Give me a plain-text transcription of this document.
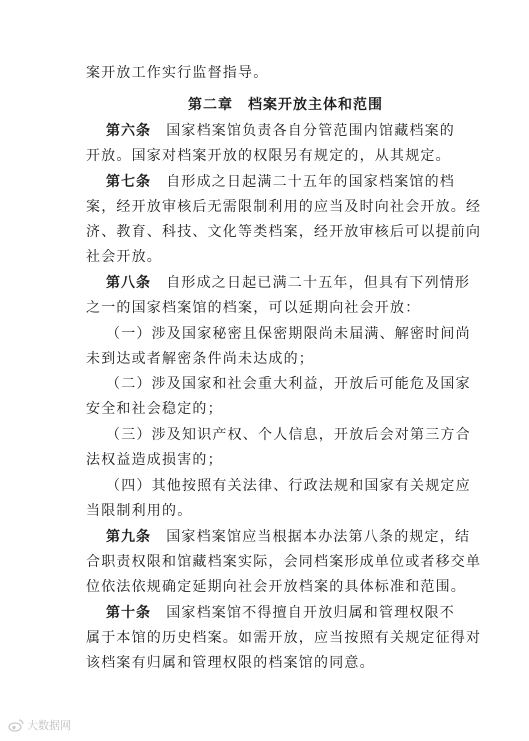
案开放工作实行监督指导。
第二章　档案开放主体和范围
第六条　国家档案馆负责各自分管范围内馆藏档案的
开放。国家对档案开放的权限另有规定的，从其规定。
第七条　自形成之日起满二十五年的国家档案馆的档
案，经开放审核后无需限制利用的应当及时向社会开放。经
济、教育、科技、文化等类档案，经开放审核后可以提前向
社会开放。
第八条　自形成之日起已满二十五年，但具有下列情形
之一的国家档案馆的档案，可以延期向社会开放：
（一）涉及国家秘密且保密期限尚未届满、解密时间尚
未到达或者解密条件尚未达成的；
（二）涉及国家和社会重大利益，开放后可能危及国家
安全和社会稳定的；
（三）涉及知识产权、个人信息，开放后会对第三方合
法权益造成损害的；
（四）其他按照有关法律、行政法规和国家有关规定应
当限制利用的。
第九条　国家档案馆应当根据本办法第八条的规定，结
合职责权限和馆藏档案实际，会同档案形成单位或者移交单
位依法依规确定延期向社会开放档案的具体标准和范围。
第十条　国家档案馆不得擅自开放归属和管理权限不
属于本馆的历史档案。如需开放，应当按照有关规定征得对
该档案有归属和管理权限的档案馆的同意。
大数据网
